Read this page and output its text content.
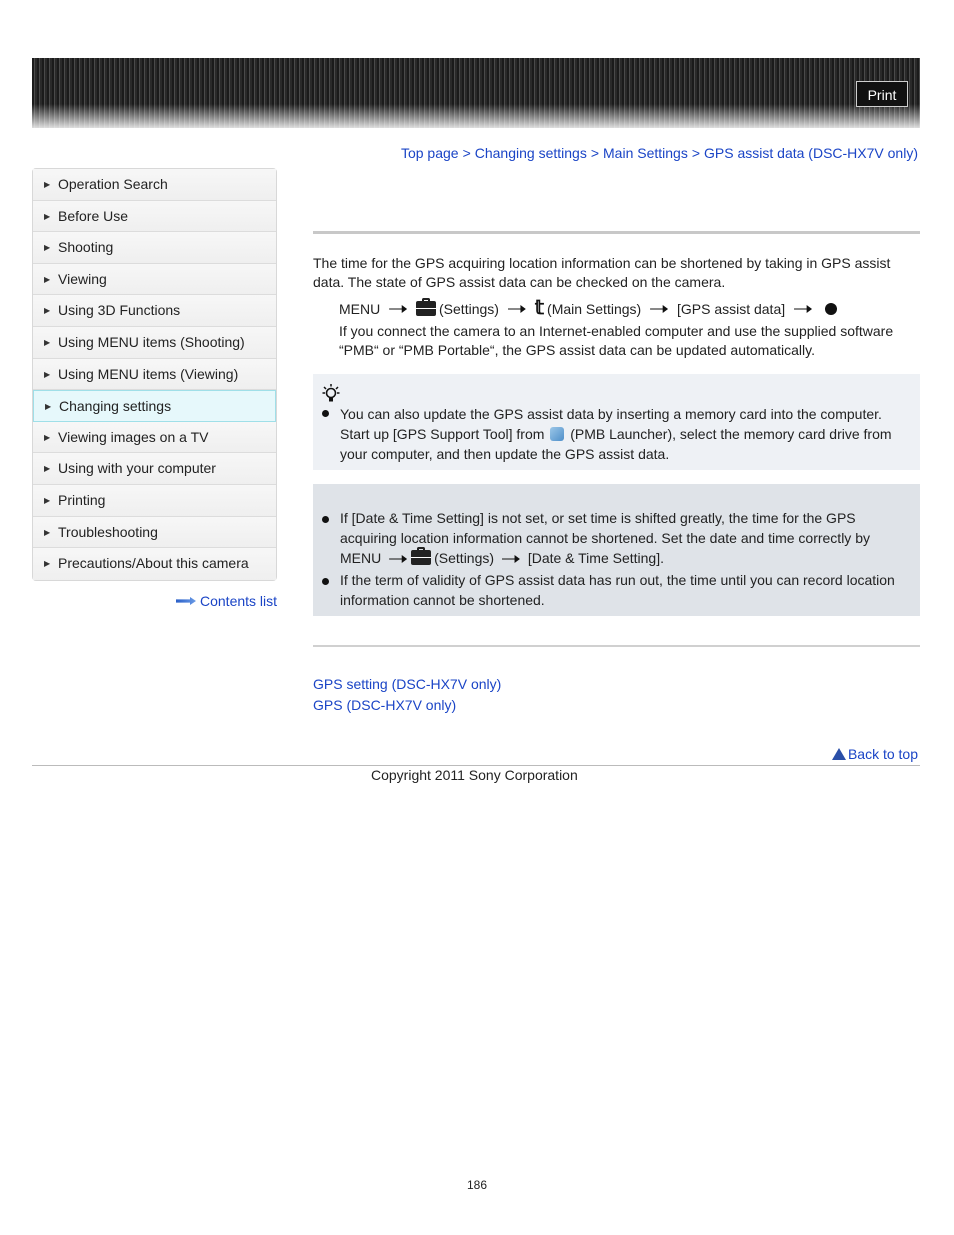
Print
Top page > Changing settings > Main Settings > GPS assist data (DSC-HX7V only)
▶ Operation Search
▶ Before Use
▶ Shooting
▶ Viewing
▶ Using 3D Functions
▶ Using MENU items (Shooting)
▶ Using MENU items (Viewing)
▶ Changing settings
▶ Viewing images on a TV
▶ Using with your computer
▶ Printing
▶ Troubleshooting
▶ Precautions/About this camera
Contents list
The time for the GPS acquiring location information can be shortened by taking in GPS assist data. The state of GPS assist data can be checked on the camera.
MENU	(Settings) 𝕥 (Main Settings)	[GPS assist data]
If you connect the camera to an Internet-enabled computer and use the supplied software “PMB“ or “PMB Portable“, the GPS assist data can be updated automatically.
You can also update the GPS assist data by inserting a memory card into the computer. Start up [GPS Support Tool] from (PMB Launcher), select the memory card drive from your computer, and then update the GPS assist data.
If [Date & Time Setting] is not set, or set time is shifted greatly, the time for the GPS acquiring location information cannot be shortened. Set the date and time correctly by MENU	(Settings) [Date & Time Setting].
If the term of validity of GPS assist data has run out, the time until you can record location information cannot be shortened.
GPS setting (DSC-HX7V only)
GPS (DSC-HX7V only)
Back to top
Copyright 2011 Sony Corporation
186
